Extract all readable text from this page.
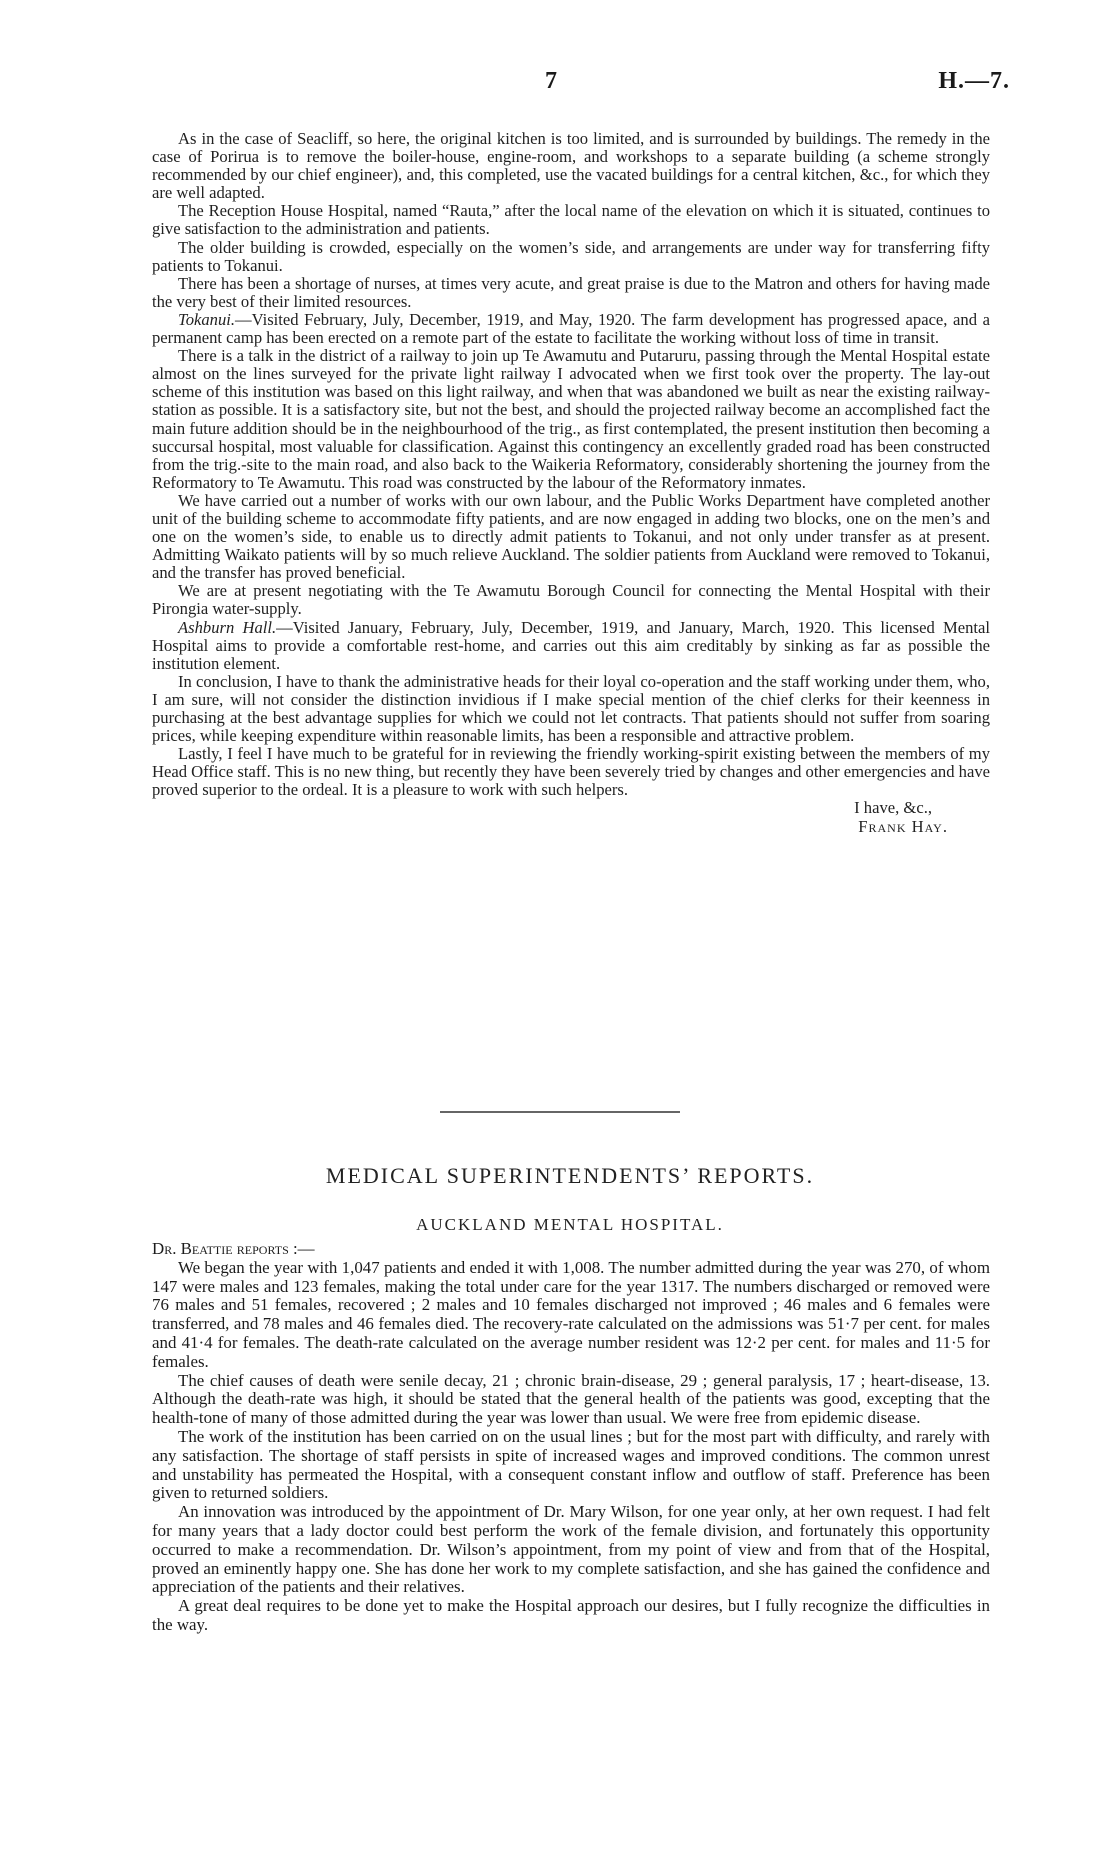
7	H.—7.

As in the case of Seacliff, so here, the original kitchen is too limited, and is surrounded by buildings. The remedy in the case of Porirua is to remove the boiler-house, engine-room, and workshops to a separate building (a scheme strongly recommended by our chief engineer), and, this completed, use the vacated buildings for a central kitchen, &c., for which they are well adapted.

The Reception House Hospital, named “Rauta,” after the local name of the elevation on which it is situated, continues to give satisfaction to the administration and patients.

The older building is crowded, especially on the women’s side, and arrangements are under way for transferring fifty patients to Tokanui.

There has been a shortage of nurses, at times very acute, and great praise is due to the Matron and others for having made the very best of their limited resources.

Tokanui.—Visited February, July, December, 1919, and May, 1920. The farm development has progressed apace, and a permanent camp has been erected on a remote part of the estate to facilitate the working without loss of time in transit.

There is a talk in the district of a railway to join up Te Awamutu and Putaruru, passing through the Mental Hospital estate almost on the lines surveyed for the private light railway I advocated when we first took over the property. The lay-out scheme of this institution was based on this light railway, and when that was abandoned we built as near the existing railway-station as possible. It is a satisfactory site, but not the best, and should the projected railway become an accomplished fact the main future addition should be in the neighbourhood of the trig., as first contemplated, the present institution then becoming a succursal hospital, most valuable for classification. Against this contingency an excellently graded road has been constructed from the trig.-site to the main road, and also back to the Waikeria Reformatory, considerably shortening the journey from the Reformatory to Te Awamutu. This road was constructed by the labour of the Reformatory inmates.

We have carried out a number of works with our own labour, and the Public Works Department have completed another unit of the building scheme to accommodate fifty patients, and are now engaged in adding two blocks, one on the men’s and one on the women’s side, to enable us to directly admit patients to Tokanui, and not only under transfer as at present. Admitting Waikato patients will by so much relieve Auckland. The soldier patients from Auckland were removed to Tokanui, and the transfer has proved beneficial.

We are at present negotiating with the Te Awamutu Borough Council for connecting the Mental Hospital with their Pirongia water-supply.

Ashburn Hall.—Visited January, February, July, December, 1919, and January, March, 1920. This licensed Mental Hospital aims to provide a comfortable rest-home, and carries out this aim creditably by sinking as far as possible the institution element.

In conclusion, I have to thank the administrative heads for their loyal co-operation and the staff working under them, who, I am sure, will not consider the distinction invidious if I make special mention of the chief clerks for their keenness in purchasing at the best advantage supplies for which we could not let contracts. That patients should not suffer from soaring prices, while keeping expenditure within reasonable limits, has been a responsible and attractive problem.

Lastly, I feel I have much to be grateful for in reviewing the friendly working-spirit existing between the members of my Head Office staff. This is no new thing, but recently they have been severely tried by changes and other emergencies and have proved superior to the ordeal. It is a pleasure to work with such helpers.

I have, &c.,
Frank Hay.
MEDICAL SUPERINTENDENTS’ REPORTS.
AUCKLAND MENTAL HOSPITAL.

Dr. Beattie reports :—

We began the year with 1,047 patients and ended it with 1,008. The number admitted during the year was 270, of whom 147 were males and 123 females, making the total under care for the year 1317. The numbers discharged or removed were 76 males and 51 females, recovered ; 2 males and 10 females discharged not improved ; 46 males and 6 females were transferred, and 78 males and 46 females died. The recovery-rate calculated on the admissions was 51·7 per cent. for males and 41·4 for females. The death-rate calculated on the average number resident was 12·2 per cent. for males and 11·5 for females.

The chief causes of death were senile decay, 21 ; chronic brain-disease, 29 ; general paralysis, 17 ; heart-disease, 13. Although the death-rate was high, it should be stated that the general health of the patients was good, excepting that the health-tone of many of those admitted during the year was lower than usual. We were free from epidemic disease.

The work of the institution has been carried on on the usual lines ; but for the most part with difficulty, and rarely with any satisfaction. The shortage of staff persists in spite of increased wages and improved conditions. The common unrest and unstability has permeated the Hospital, with a consequent constant inflow and outflow of staff. Preference has been given to returned soldiers.

An innovation was introduced by the appointment of Dr. Mary Wilson, for one year only, at her own request. I had felt for many years that a lady doctor could best perform the work of the female division, and fortunately this opportunity occurred to make a recommendation. Dr. Wilson’s appointment, from my point of view and from that of the Hospital, proved an eminently happy one. She has done her work to my complete satisfaction, and she has gained the confidence and appreciation of the patients and their relatives.

A great deal requires to be done yet to make the Hospital approach our desires, but I fully recognize the difficulties in the way.
